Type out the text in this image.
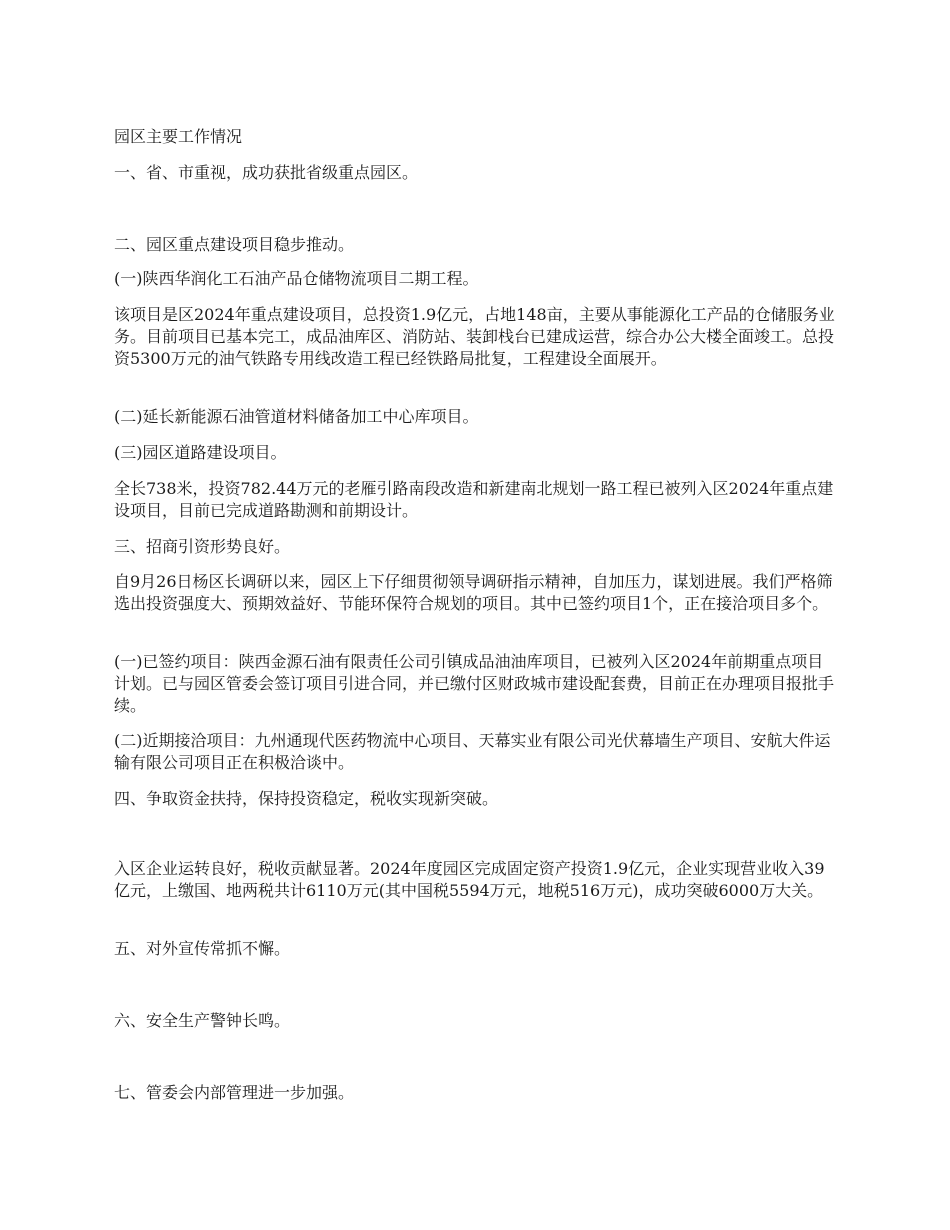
园区主要工作情况

一、省、市重视，成功获批省级重点园区。

二、园区重点建设项目稳步推动。

(一)陕西华润化工石油产品仓储物流项目二期工程。

该项目是区2024年重点建设项目，总投资1.9亿元，占地148亩，主要从事能源化工产品的仓储服务业务。目前项目已基本完工，成品油库区、消防站、装卸栈台已建成运营，综合办公大楼全面竣工。总投资5300万元的油气铁路专用线改造工程已经铁路局批复，工程建设全面展开。

(二)延长新能源石油管道材料储备加工中心库项目。

(三)园区道路建设项目。

全长738米，投资782.44万元的老雁引路南段改造和新建南北规划一路工程已被列入区2024年重点建设项目，目前已完成道路勘测和前期设计。

三、招商引资形势良好。

自9月26日杨区长调研以来，园区上下仔细贯彻领导调研指示精神，自加压力，谋划进展。我们严格筛选出投资强度大、预期效益好、节能环保符合规划的项目。其中已签约项目1个，正在接洽项目多个。

(一)已签约项目：陕西金源石油有限责任公司引镇成品油油库项目，已被列入区2024年前期重点项目计划。已与园区管委会签订项目引进合同，并已缴付区财政城市建设配套费，目前正在办理项目报批手续。

(二)近期接洽项目：九州通现代医药物流中心项目、天幕实业有限公司光伏幕墙生产项目、安航大件运输有限公司项目正在积极洽谈中。

四、争取资金扶持，保持投资稳定，税收实现新突破。

入区企业运转良好，税收贡献显著。2024年度园区完成固定资产投资1.9亿元，企业实现营业收入39亿元，上缴国、地两税共计6110万元(其中国税5594万元，地税516万元)，成功突破6000万大关。

五、对外宣传常抓不懈。

六、安全生产警钟长鸣。

七、管委会内部管理进一步加强。
